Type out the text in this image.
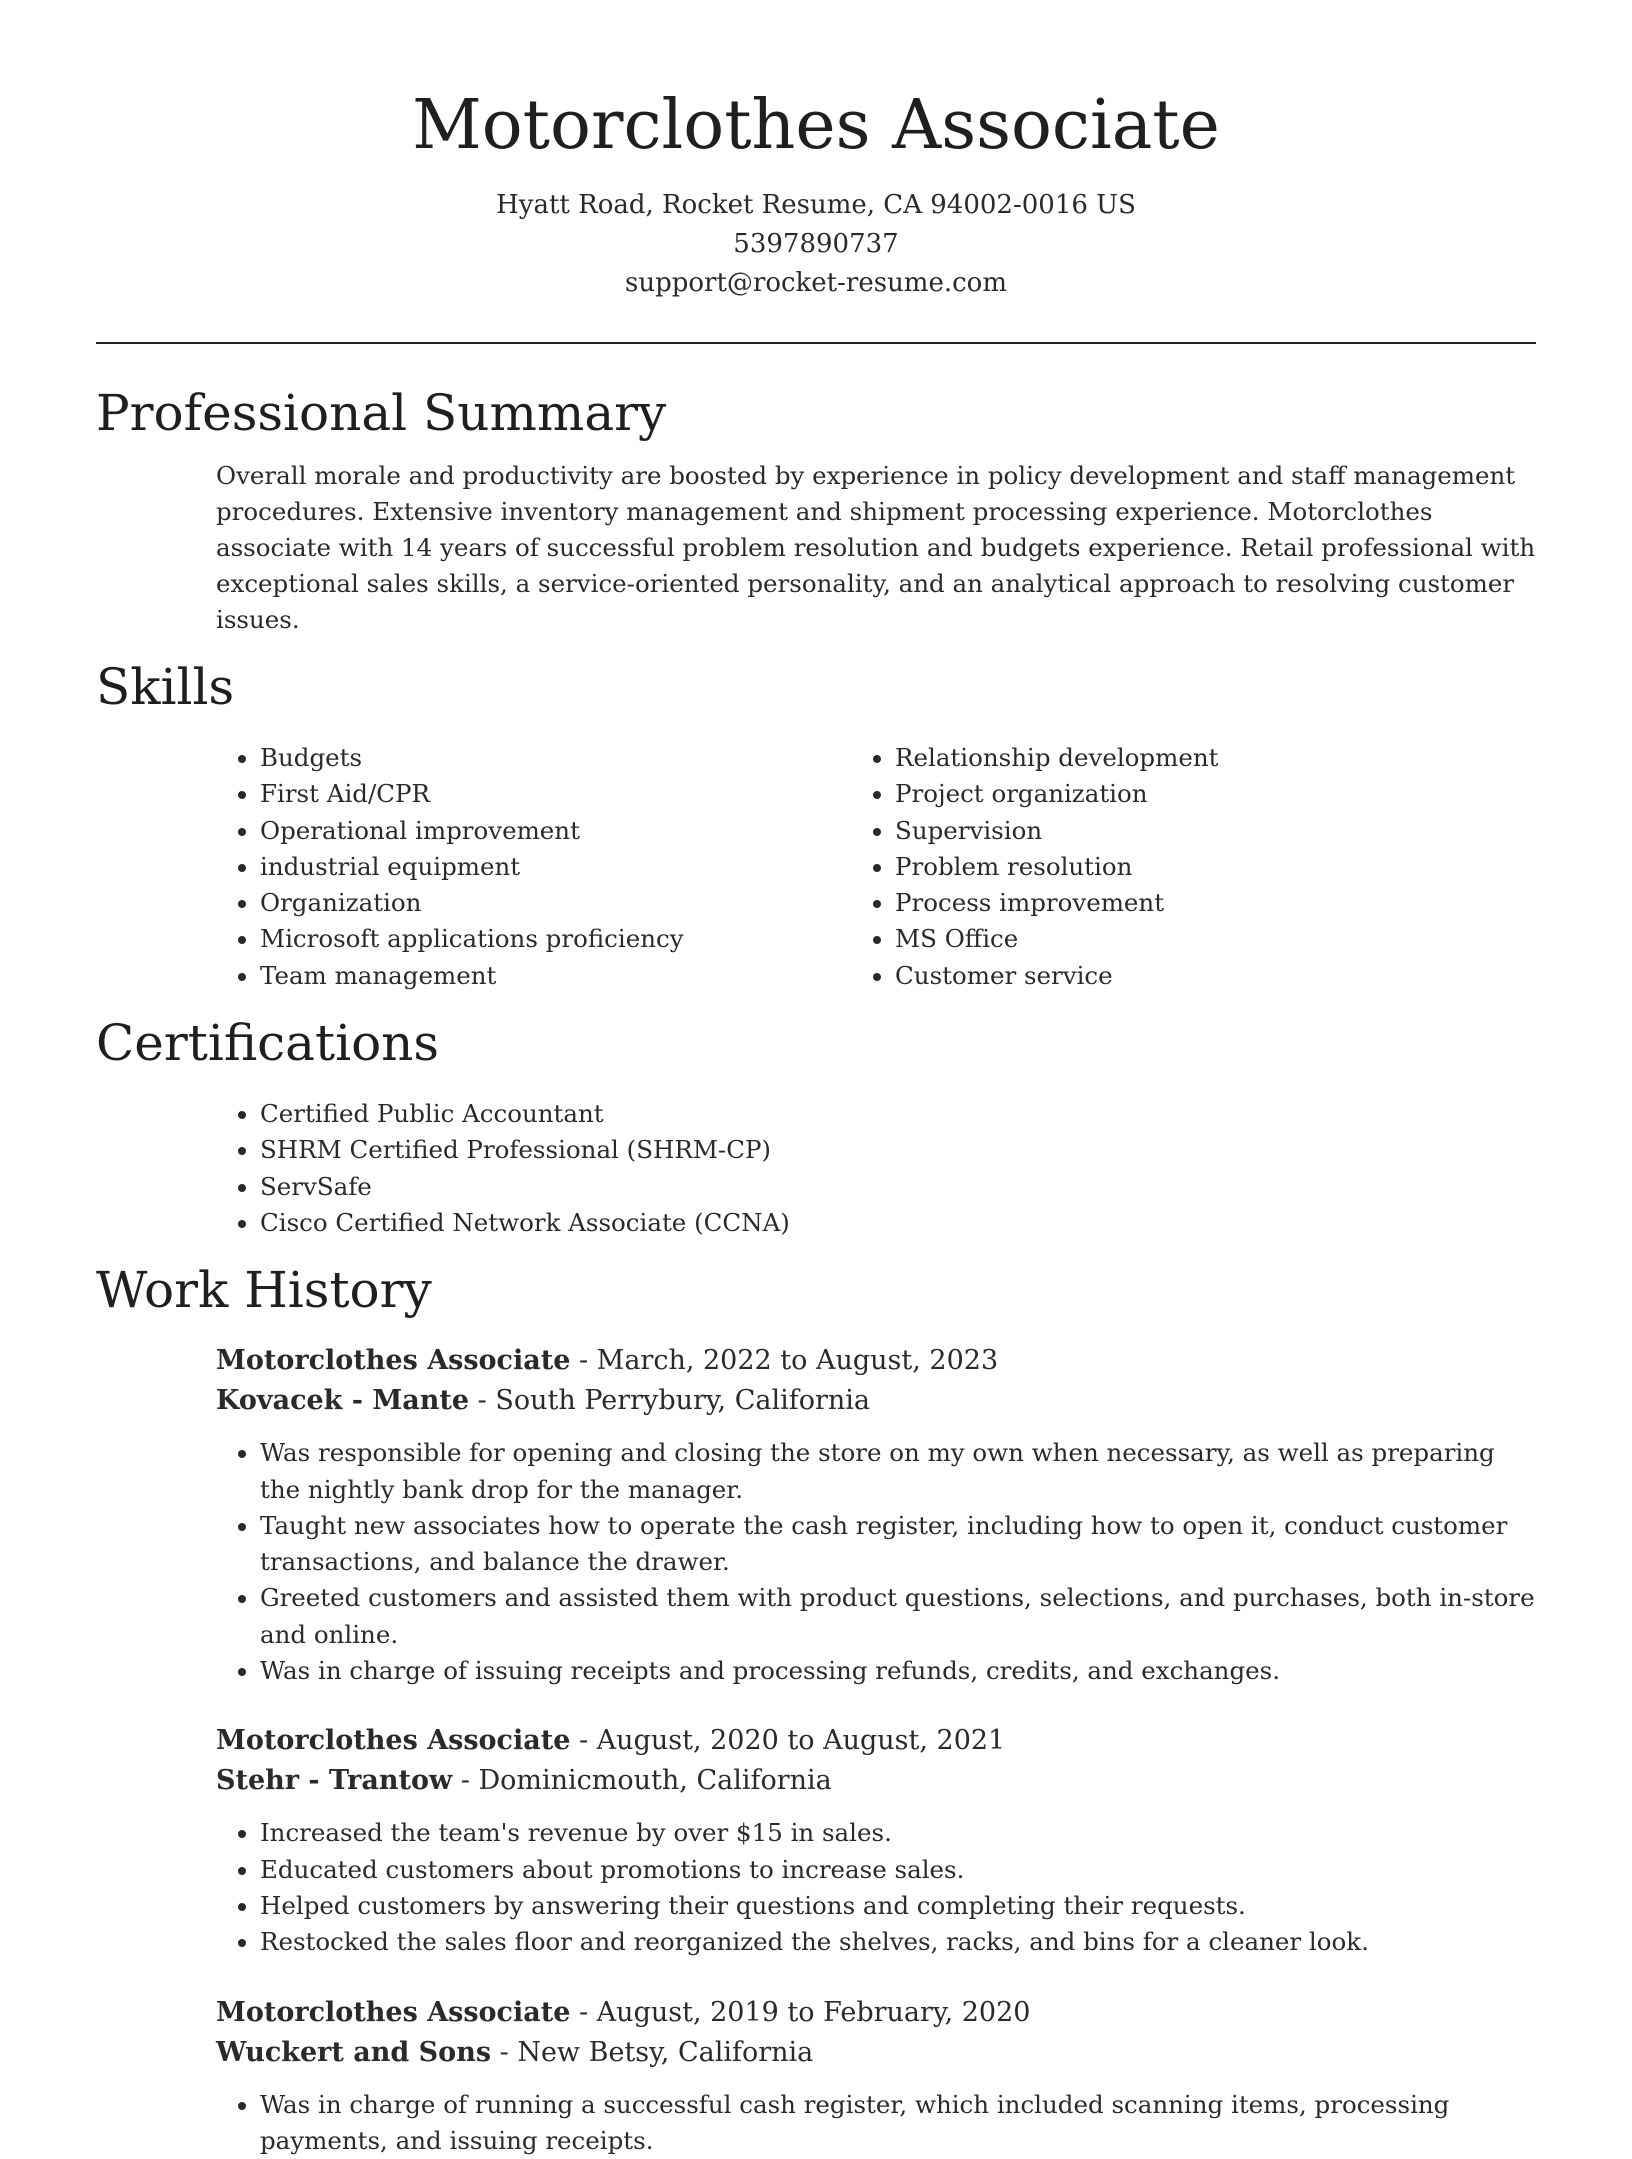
Motorclothes Associate
Hyatt Road, Rocket Resume, CA 94002-0016 US
5397890737
support@rocket-resume.com
Professional Summary

Overall morale and productivity are boosted by experience in policy development and staff management procedures. Extensive inventory management and shipment processing experience. Motorclothes associate with 14 years of successful problem resolution and budgets experience. Retail professional with exceptional sales skills, a service-oriented personality, and an analytical approach to resolving customer issues.

Skills
• Budgets
• First Aid/CPR
• Operational improvement
• industrial equipment
• Organization
• Microsoft applications proficiency
• Team management
• Relationship development
• Project organization
• Supervision
• Problem resolution
• Process improvement
• MS Office
• Customer service
Certifications
• Certified Public Accountant
• SHRM Certified Professional (SHRM-CP)
• ServSafe
• Cisco Certified Network Associate (CCNA)
Work History
Motorclothes Associate - March, 2022 to August, 2023
Kovacek - Mante - South Perrybury, California
• Was responsible for opening and closing the store on my own when necessary, as well as preparing the nightly bank drop for the manager.
• Taught new associates how to operate the cash register, including how to open it, conduct customer transactions, and balance the drawer.
• Greeted customers and assisted them with product questions, selections, and purchases, both in-store and online.
• Was in charge of issuing receipts and processing refunds, credits, and exchanges.
Motorclothes Associate - August, 2020 to August, 2021
Stehr - Trantow - Dominicmouth, California
• Increased the team's revenue by over $15 in sales.
• Educated customers about promotions to increase sales.
• Helped customers by answering their questions and completing their requests.
• Restocked the sales floor and reorganized the shelves, racks, and bins for a cleaner look.
Motorclothes Associate - August, 2019 to February, 2020
Wuckert and Sons - New Betsy, California
• Was in charge of running a successful cash register, which included scanning items, processing payments, and issuing receipts.
